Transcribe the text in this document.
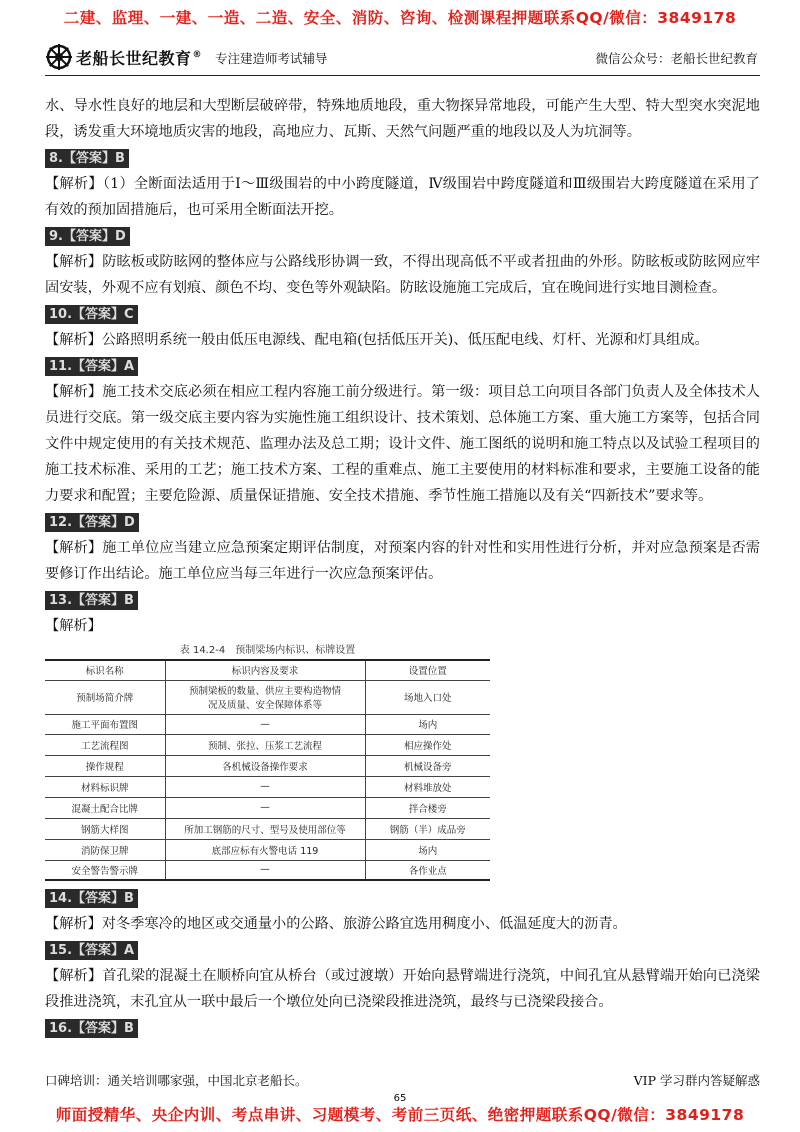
二建、监理、一建、一造、二造、安全、消防、咨询、检测课程押题联系QQ/微信：3849178
老船长世纪教育® 专注建造师考试辅导	微信公众号：老船长世纪教育

水、导水性良好的地层和大型断层破碎带，特殊地质地段，重大物探异常地段，可能产生大型、特大型突水突泥地段，诱发重大环境地质灾害的地段，高地应力、瓦斯、天然气问题严重的地段以及人为坑洞等。

8.【答案】B

【解析】（1）全断面法适用于Ⅰ～Ⅲ级围岩的中小跨度隧道，Ⅳ级围岩中跨度隧道和Ⅲ级围岩大跨度隧道在采用了有效的预加固措施后，也可采用全断面法开挖。

9.【答案】D

【解析】防眩板或防眩网的整体应与公路线形协调一致，不得出现高低不平或者扭曲的外形。防眩板或防眩网应牢固安装，外观不应有划痕、颜色不均、变色等外观缺陷。防眩设施施工完成后，宜在晚间进行实地目测检查。

10.【答案】C

【解析】公路照明系统一般由低压电源线、配电箱(包括低压开关)、低压配电线、灯杆、光源和灯具组成。

11.【答案】A

【解析】施工技术交底必须在相应工程内容施工前分级进行。第一级：项目总工向项目各部门负责人及全体技术人员进行交底。第一级交底主要内容为实施性施工组织设计、技术策划、总体施工方案、重大施工方案等，包括合同文件中规定使用的有关技术规范、监理办法及总工期；设计文件、施工图纸的说明和施工特点以及试验工程项目的施工技术标准、采用的工艺；施工技术方案、工程的重难点、施工主要使用的材料标准和要求，主要施工设备的能力要求和配置；主要危险源、质量保证措施、安全技术措施、季节性施工措施以及有关“四新技术”要求等。

12.【答案】D

【解析】施工单位应当建立应急预案定期评估制度，对预案内容的针对性和实用性进行分析，并对应急预案是否需要修订作出结论。施工单位应当每三年进行一次应急预案评估。

13.【答案】B

【解析】

表 14.2-4　预制梁场内标识、标牌设置
标识名称	标识内容及要求	设置位置
预制场简介牌	预制梁板的数量、供应主要构造物情况及质量、安全保障体系等	场地入口处
施工平面布置图	—	场内
工艺流程图	预制、张拉、压浆工艺流程	相应操作处
操作规程	各机械设备操作要求	机械设备旁
材料标识牌	—	材料堆放处
混凝土配合比牌	—	拌合楼旁
钢筋大样图	所加工钢筋的尺寸、型号及使用部位等	钢筋（半）成品旁
消防保卫牌	底部应标有火警电话 119	场内
安全警告警示牌	—	各作业点
14.【答案】B

【解析】对冬季寒冷的地区或交通量小的公路、旅游公路宜选用稠度小、低温延度大的沥青。

15.【答案】A

【解析】首孔梁的混凝土在顺桥向宜从桥台（或过渡墩）开始向悬臂端进行浇筑，中间孔宜从悬臂端开始向已浇梁段推进浇筑，末孔宜从一联中最后一个墩位处向已浇梁段推进浇筑，最终与已浇梁段接合。

16.【答案】B
口碑培训：通关培训哪家强，中国北京老船长。	VIP 学习群内答疑解惑
65
师面授精华、央企内训、考点串讲、习题模考、考前三页纸、绝密押题联系QQ/微信：3849178
